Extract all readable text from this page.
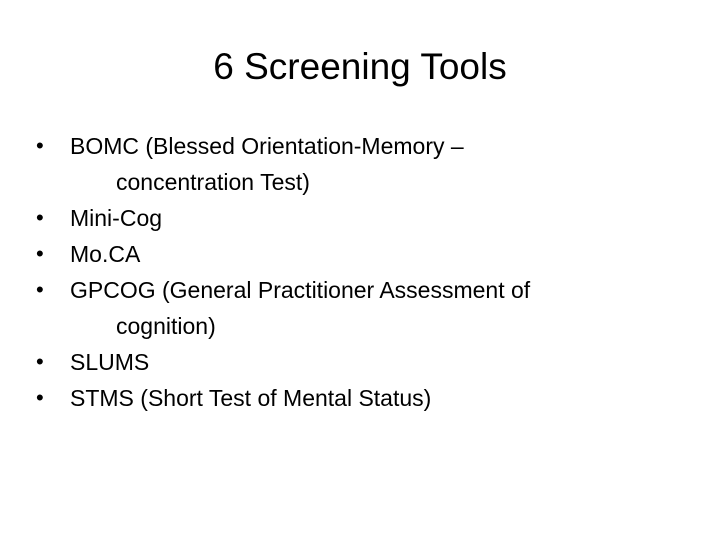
6 Screening Tools
•	BOMC (Blessed Orientation-Memory –
concentration Test)
•	Mini-Cog
•	Mo.CA
•	GPCOG (General Practitioner Assessment of
cognition)
•	SLUMS
•	STMS (Short Test of Mental Status)
